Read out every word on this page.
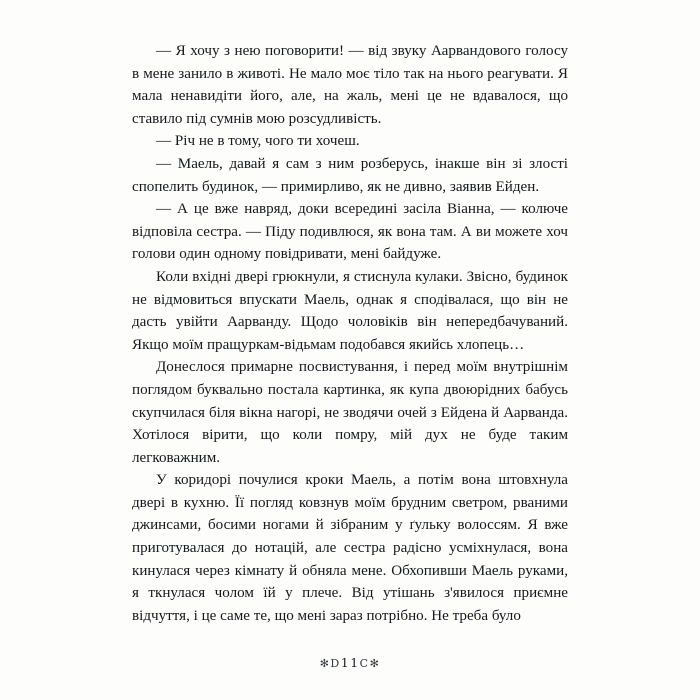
— Я хочу з нею поговорити! — від звуку Аарвандового голосу в мене занило в животі. Не мало моє тіло так на нього реагувати. Я мала ненавидіти його, але, на жаль, мені це не вдавалося, що ставило під сумнів мою розсудливість.

— Річ не в тому, чого ти хочеш.

— Маель, давай я сам з ним розберусь, інакше він зі злості спопелить будинок, — примирливо, як не дивно, заявив Ейден.

— А це вже навряд, доки всередині засіла Віанна, — колюче відповіла сестра. — Піду подивлюся, як вона там. А ви можете хоч голови один одному повідривати, мені байдуже.

Коли вхідні двері грюкнули, я стиснула кулаки. Звісно, будинок не відмовиться впускати Маель, однак я сподівалася, що він не дасть увійти Аарванду. Щодо чоловіків він непередбачуваний. Якщо моїм пращуркам-відьмам подобався якийсь хлопець…

Донеслося примарне посвистування, і перед моїм внутрішнім поглядом буквально постала картинка, як купа двоюрідних бабусь скупчилася біля вікна нагорі, не зводячи очей з Ейдена й Аарванда. Хотілося вірити, що коли помру, мій дух не буде таким легковажним.

У коридорі почулися кроки Маель, а потім вона штовхнула двері в кухню. Її погляд ковзнув моїм брудним светром, рваними джинсами, босими ногами й зібраним у ґульку волоссям. Я вже приготувалася до нотацій, але сестра радісно усміхнулася, вона кинулася через кімнату й обняла мене. Обхопивши Маель руками, я ткнулася чолом їй у плече. Від утішань з'явилося приємне відчуття, і це саме те, що мені зараз потрібно. Не треба було

✻D11C✻
